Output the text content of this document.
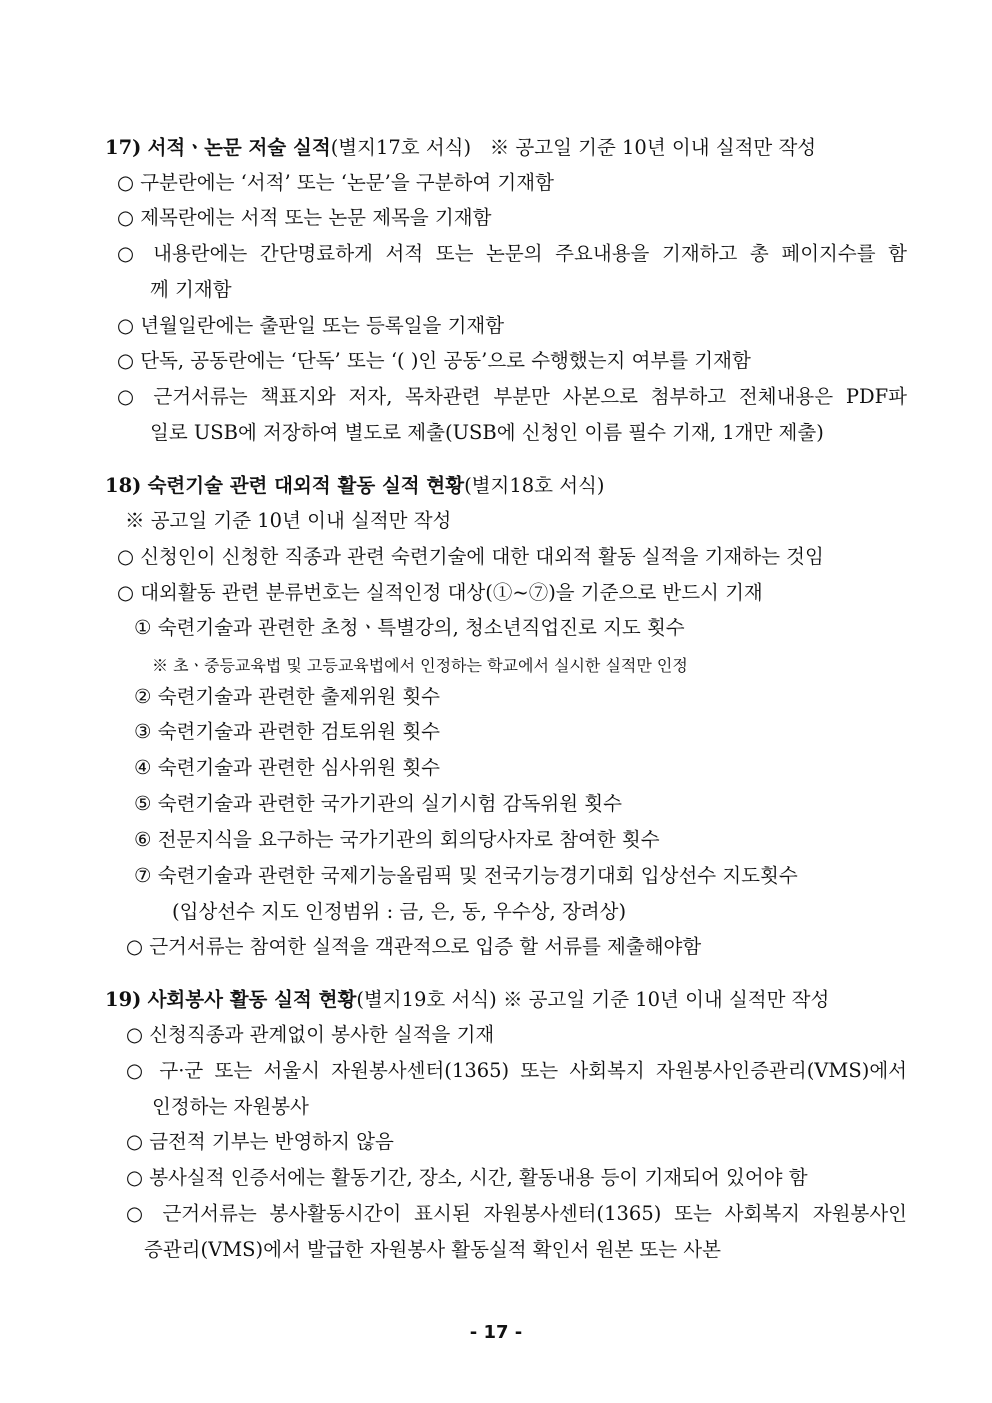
17) 서적ㆍ논문 저술 실적(별지17호 서식) ※ 공고일 기준 10년 이내 실적만 작성
○ 구분란에는 ‘서적’ 또는 ‘논문’을 구분하여 기재함
○ 제목란에는 서적 또는 논문 제목을 기재함
○ 내용란에는 간단명료하게 서적 또는 논문의 주요내용을 기재하고 총 페이지수를 함
께 기재함
○ 년월일란에는 출판일 또는 등록일을 기재함
○ 단독, 공동란에는 ‘단독’ 또는 ‘( )인 공동’으로 수행했는지 여부를 기재함
○ 근거서류는 책표지와 저자, 목차관련 부분만 사본으로 첨부하고 전체내용은 PDF파
일로 USB에 저장하여 별도로 제출(USB에 신청인 이름 필수 기재, 1개만 제출)
18) 숙련기술 관련 대외적 활동 실적 현황(별지18호 서식)
※ 공고일 기준 10년 이내 실적만 작성
○ 신청인이 신청한 직종과 관련 숙련기술에 대한 대외적 활동 실적을 기재하는 것임
○ 대외활동 관련 분류번호는 실적인정 대상(①~⑦)을 기준으로 반드시 기재
① 숙련기술과 관련한 초청ㆍ특별강의, 청소년직업진로 지도 횟수
※ 초ㆍ중등교육법 및 고등교육법에서 인정하는 학교에서 실시한 실적만 인정
② 숙련기술과 관련한 출제위원 횟수
③ 숙련기술과 관련한 검토위원 횟수
④ 숙련기술과 관련한 심사위원 횟수
⑤ 숙련기술과 관련한 국가기관의 실기시험 감독위원 횟수
⑥ 전문지식을 요구하는 국가기관의 회의당사자로 참여한 횟수
⑦ 숙련기술과 관련한 국제기능올림픽 및 전국기능경기대회 입상선수 지도횟수
(입상선수 지도 인정범위 : 금, 은, 동, 우수상, 장려상)
○ 근거서류는 참여한 실적을 객관적으로 입증 할 서류를 제출해야함
19) 사회봉사 활동 실적 현황(별지19호 서식) ※ 공고일 기준 10년 이내 실적만 작성
○ 신청직종과 관계없이 봉사한 실적을 기재
○ 구·군 또는 서울시 자원봉사센터(1365) 또는 사회복지 자원봉사인증관리(VMS)에서
인정하는 자원봉사
○ 금전적 기부는 반영하지 않음
○ 봉사실적 인증서에는 활동기간, 장소, 시간, 활동내용 등이 기재되어 있어야 함
○ 근거서류는 봉사활동시간이 표시된 자원봉사센터(1365) 또는 사회복지 자원봉사인
증관리(VMS)에서 발급한 자원봉사 활동실적 확인서 원본 또는 사본
- 17 -
